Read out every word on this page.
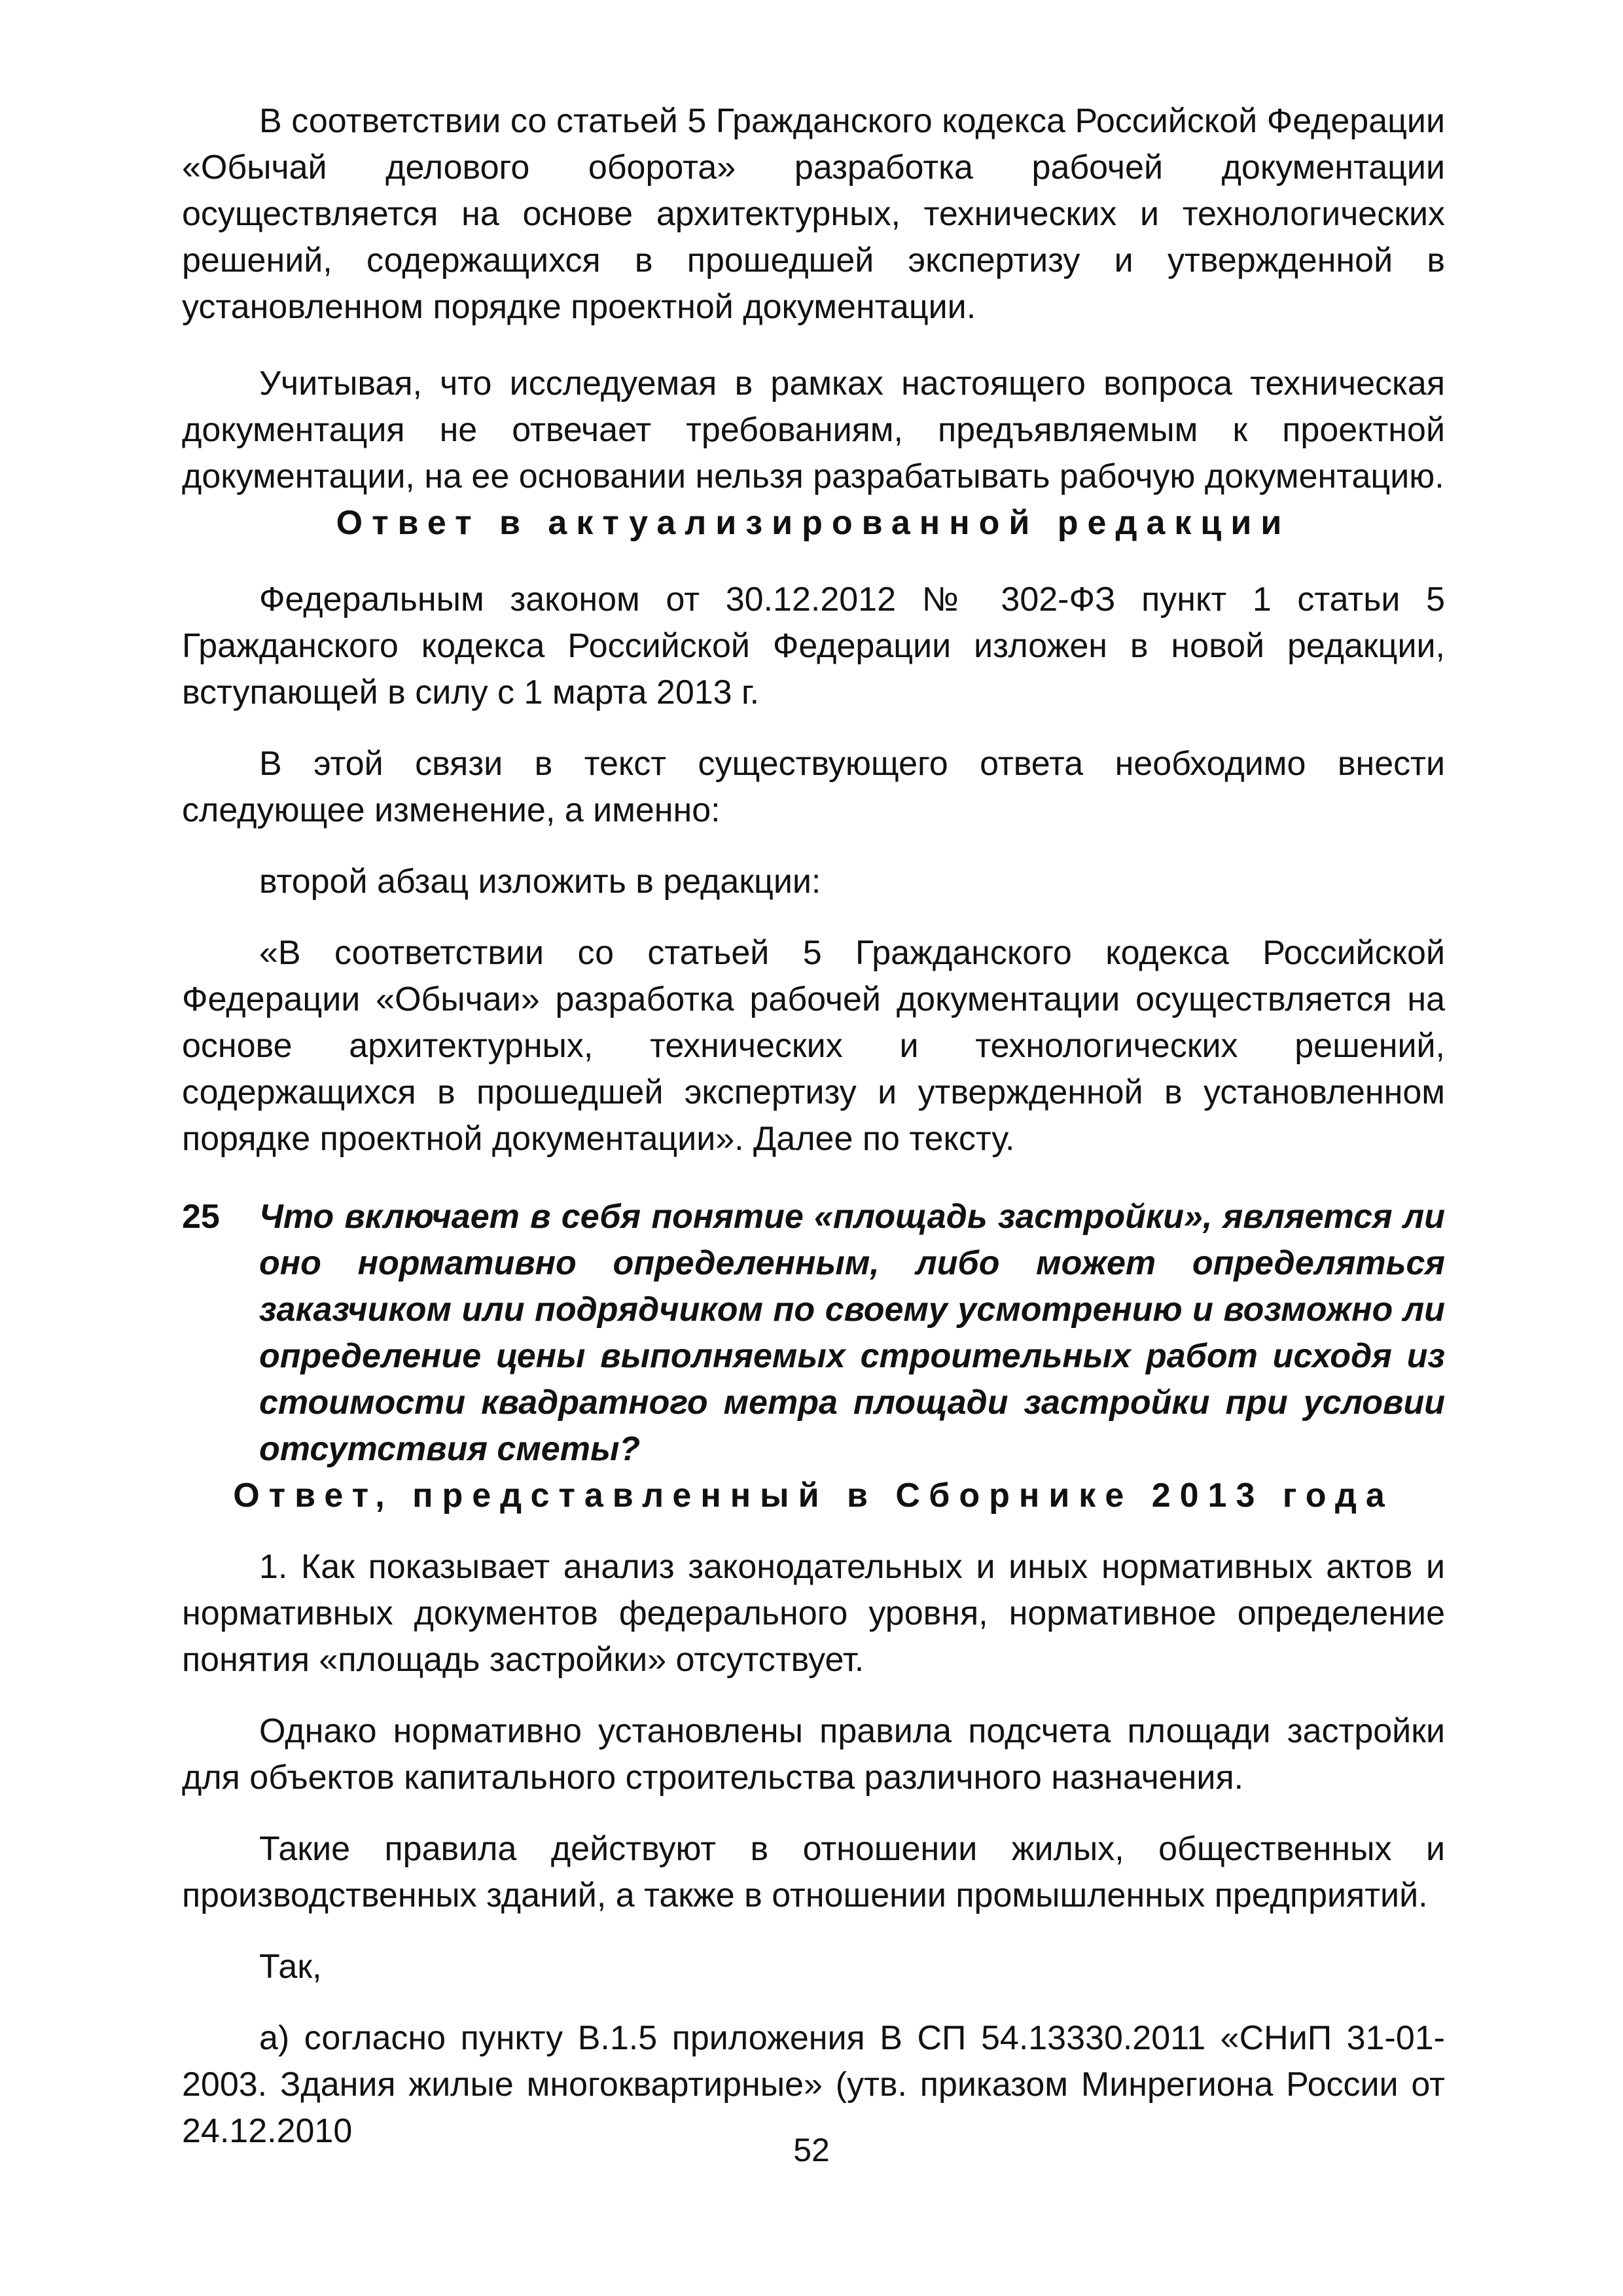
В соответствии со статьей 5 Гражданского кодекса Российской Федерации «Обычай делового оборота» разработка рабочей документации осуществляется на основе архитектурных, технических и технологических решений, содержащихся в прошедшей экспертизу и утвержденной в установленном порядке проектной документации.

Учитывая, что исследуемая в рамках настоящего вопроса техническая документация не отвечает требованиям, предъявляемым к проектной документации, на ее основании нельзя разрабатывать рабочую документацию.

Ответ в актуализированной редакции

Федеральным законом от 30.12.2012 № 302-ФЗ пункт 1 статьи 5 Гражданского кодекса Российской Федерации изложен в новой редакции, вступающей в силу с 1 марта 2013 г.

В этой связи в текст существующего ответа необходимо внести следующее изменение, а именно:

второй абзац изложить в редакции:

«В соответствии со статьей 5 Гражданского кодекса Российской Федерации «Обычаи» разработка рабочей документации осуществляется на основе архитектурных, технических и технологических решений, содержащихся в прошедшей экспертизу и утвержденной в установленном порядке проектной документации». Далее по тексту.

25	Что включает в себя понятие «площадь застройки», является ли оно нормативно определенным, либо может определяться заказчиком или подрядчиком по своему усмотрению и возможно ли определение цены выполняемых строительных работ исходя из стоимости квадратного метра площади застройки при условии отсутствия сметы?

Ответ, представленный в Сборнике 2013 года

1. Как показывает анализ законодательных и иных нормативных актов и нормативных документов федерального уровня, нормативное определение понятия «площадь застройки» отсутствует.

Однако нормативно установлены правила подсчета площади застройки для объектов капитального строительства различного назначения.

Такие правила действуют в отношении жилых, общественных и производственных зданий, а также в отношении промышленных предприятий.

Так,

а) согласно пункту В.1.5 приложения В СП 54.13330.2011 «СНиП 31-01-2003. Здания жилые многоквартирные» (утв. приказом Минрегиона России от 24.12.2010	52
